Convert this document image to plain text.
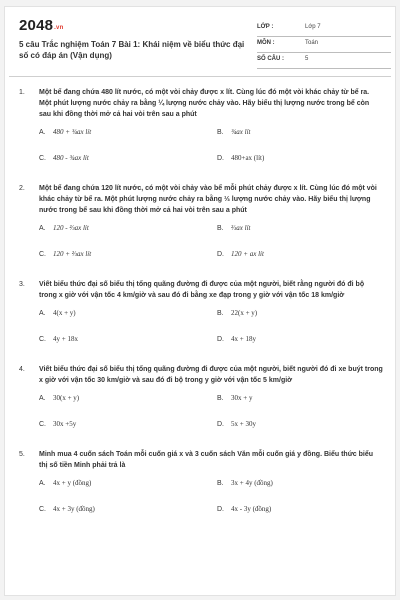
2048.vn
5 câu Trắc nghiệm Toán 7 Bài 1: Khái niệm về biểu thức đại số có đáp án (Vận dụng)
LỚP :	Lớp 7
MÔN :	Toán
SỐ CÂU :	5
1.	Một bể đang chứa 480 lít nước, có một vòi chảy được x lít. Cùng lúc đó một vòi khác chảy từ bể ra. Một phút lượng nước chảy ra bằng ¼ lượng nước chảy vào. Hãy biểu thị lượng nước trong bể còn sau khi đồng thời mở cả hai vòi trên sau a phút
A. 480 + ¾ax lít	B. ¾ax lít
C. 480 - ¾ax lít	D. 480+ax (lít)
2.	Một bể đang chứa 120 lít nước, có một vòi chảy vào bể mỗi phút chảy được x lít. Cùng lúc đó một vòi khác chảy từ bể ra. Một phút lượng nước chảy ra bằng ⅓ lượng nước chảy vào. Hãy biểu thị lượng nước trong bể sau khi đồng thời mở cả hai vòi trên sau a phút
A. 120 - ⅔ax lít	B. ⅔ax lít
C. 120 + ⅔ax lít	D. 120 + ax lít
3.	Viết biểu thức đại số biểu thị tổng quãng đường đi được của một người, biết rằng người đó đi bộ trong x giờ với vận tốc 4 km/giờ và sau đó đi bằng xe đạp trong y giờ với vận tốc 18 km/giờ
A. 4(x + y)	B. 22(x + y)
C. 4y + 18x	D. 4x + 18y
4.	Viết biểu thức đại số biểu thị tổng quãng đường đi được của một người, biết người đó đi xe buýt trong x giờ với vận tốc 30 km/giờ và sau đó đi bộ trong y giờ với vận tốc 5 km/giờ
A. 30(x + y)	B. 30x + y
C. 30x +5y	D. 5x + 30y
5.	Minh mua 4 cuốn sách Toán mỗi cuốn giá x và 3 cuốn sách Văn mỗi cuốn giá y đồng. Biểu thức biểu thị số tiền Minh phải trả là
A. 4x + y (đồng)	B. 3x + 4y (đồng)
C. 4x + 3y (đồng)	D. 4x - 3y (đồng)
